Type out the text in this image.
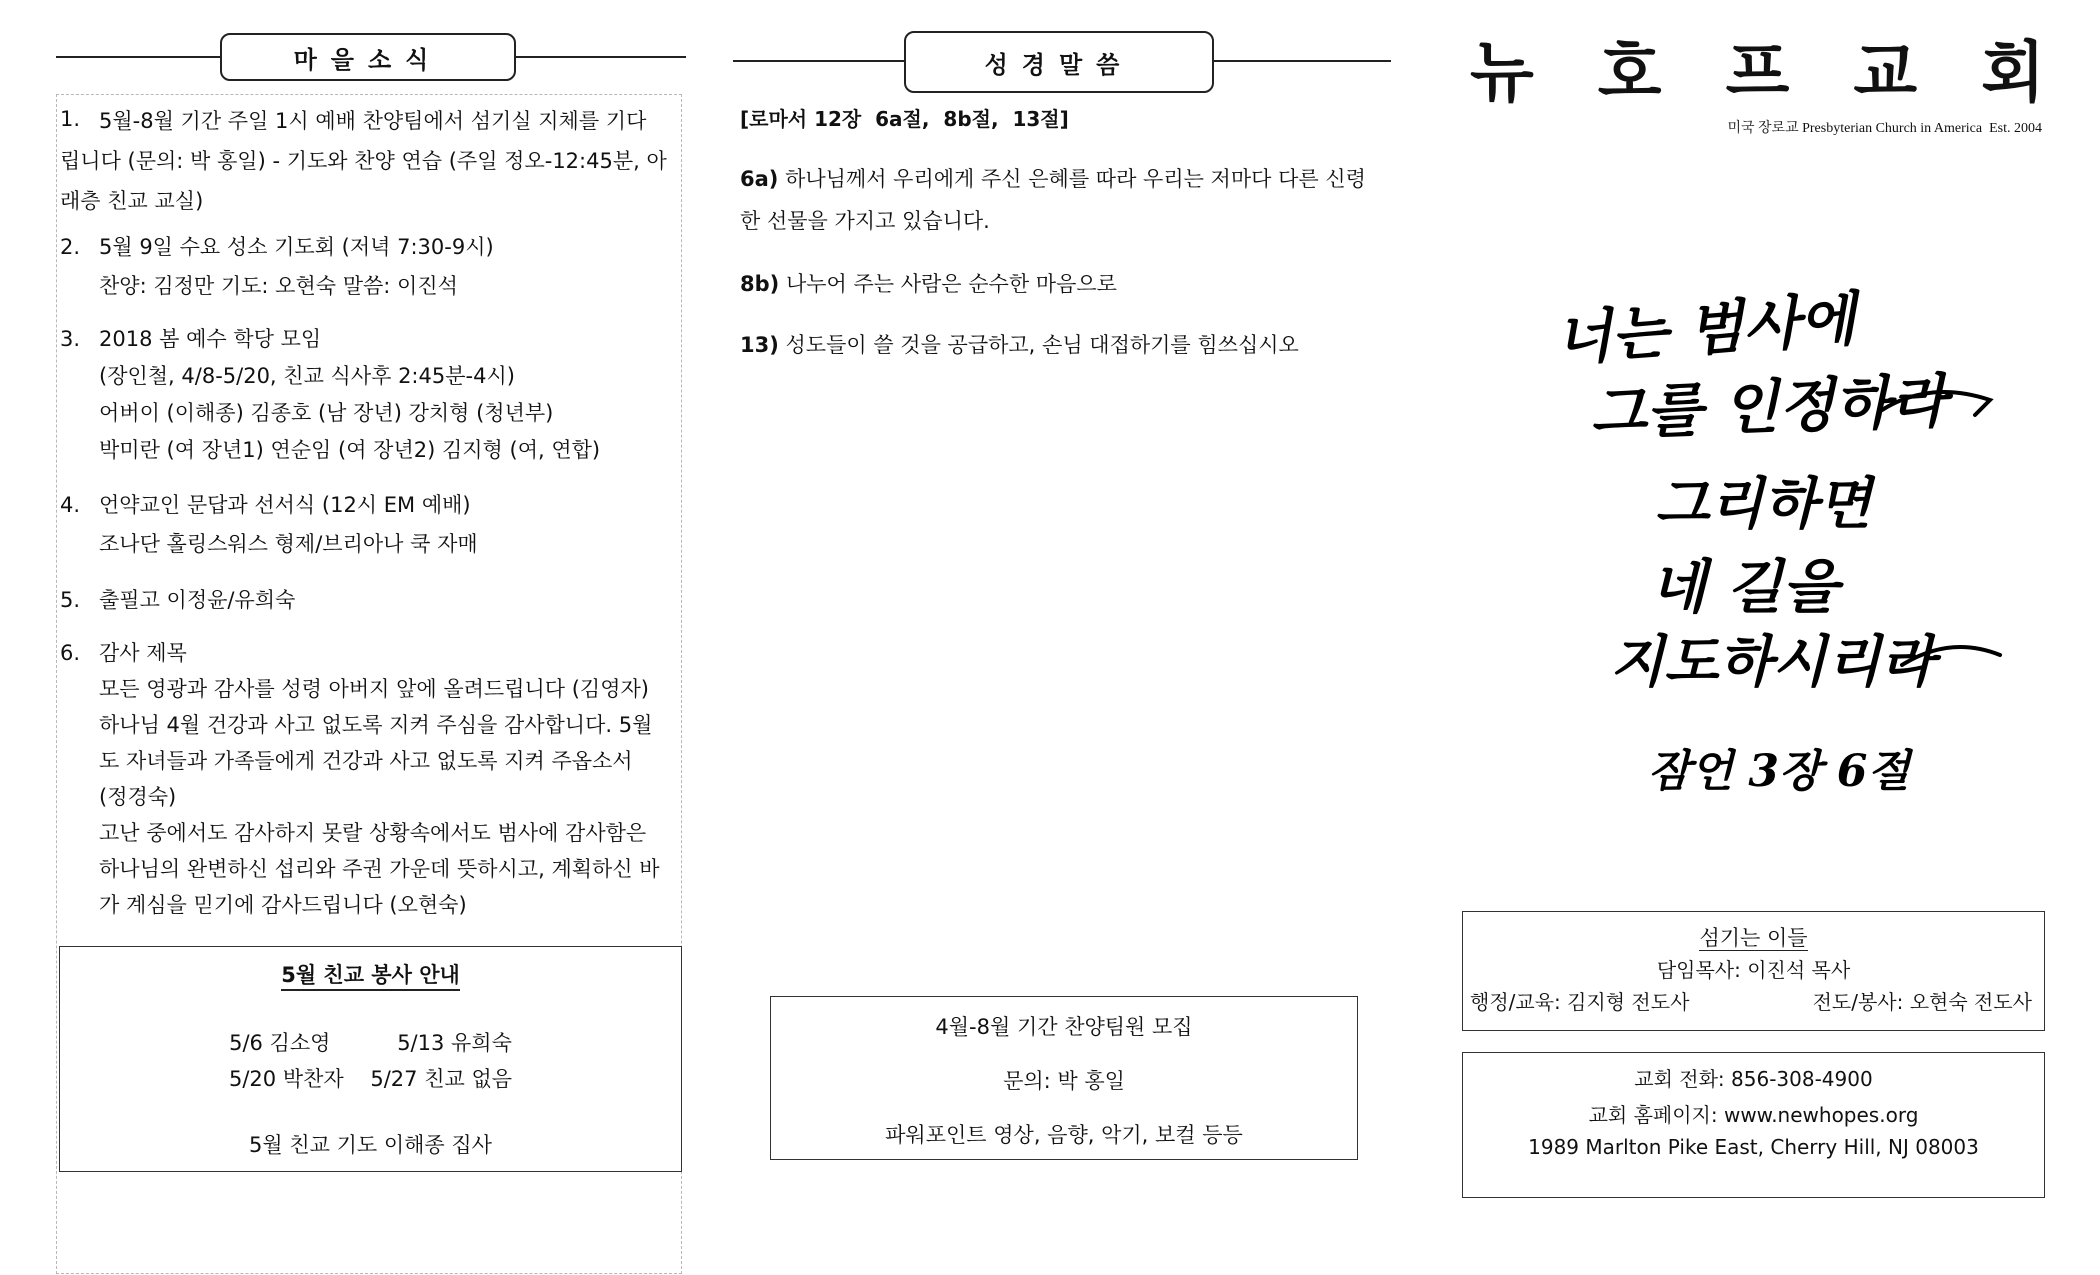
마을소식
1. 5월-8월 기간 주일 1시 예배 찬양팀에서 섬기실 지체를 기다
립니다 (문의: 박 홍일) - 기도와 찬양 연습 (주일 정오-12:45분, 아
래층 친교 교실)
2. 5월 9일 수요 성소 기도회 (저녁 7:30-9시)
찬양: 김정만 기도: 오현숙 말씀: 이진석
3. 2018 봄 예수 학당 모임
(장인철, 4/8-5/20, 친교 식사후 2:45분-4시)
어버이 (이해종) 김종호 (남 장년) 강치형 (청년부)
박미란 (여 장년1) 연순임 (여 장년2) 김지형 (여, 연합)
4. 언약교인 문답과 선서식 (12시 EM 예배)
조나단 홀링스워스 형제/브리아나 쿡 자매
5. 출필고 이정윤/유희숙
6. 감사 제목
모든 영광과 감사를 성령 아버지 앞에 올려드립니다 (김영자)
하나님 4월 건강과 사고 없도록 지켜 주심을 감사합니다. 5월
도 자녀들과 가족들에게 건강과 사고 없도록 지켜 주옵소서
(정경숙)
고난 중에서도 감사하지 못랄 상황속에서도 범사에 감사함은
하나님의 완변하신 섭리와 주권 가운데 뜻하시고, 계획하신 바
가 계심을 믿기에 감사드립니다 (오현숙)
5월 친교 봉사 안내
5/6 김소영          5/13 유희숙
5/20 박찬자    5/27 친교 없음
5월 친교 기도 이해종 집사
성경말씀
[로마서 12장  6a절,  8b절,  13절]
6a) 하나님께서 우리에게 주신 은혜를 따라 우리는 저마다 다른 신령
한 선물을 가지고 있습니다.
8b) 나누어 주는 사람은 순수한 마음으로
13) 성도들이 쓸 것을 공급하고, 손님 대접하기를 힘쓰십시오
4월-8월 기간 찬양팀원 모집
문의: 박 홍일
파워포인트 영상, 음향, 악기, 보컬 등등
뉴 호 프 교 회
미국 장로교 Presbyterian Church in America  Est. 2004
너는 범사에
그를 인정하라
그리하면
네 길을
지도하시리라
잠언 3장 6절
섬기는 이들
담임목사: 이진석 목사
행정/교육: 김지형 전도사	전도/봉사: 오현숙 전도사
교회 전화: 856-308-4900
교회 홈페이지: www.newhopes.org
1989 Marlton Pike East, Cherry Hill, NJ 08003
